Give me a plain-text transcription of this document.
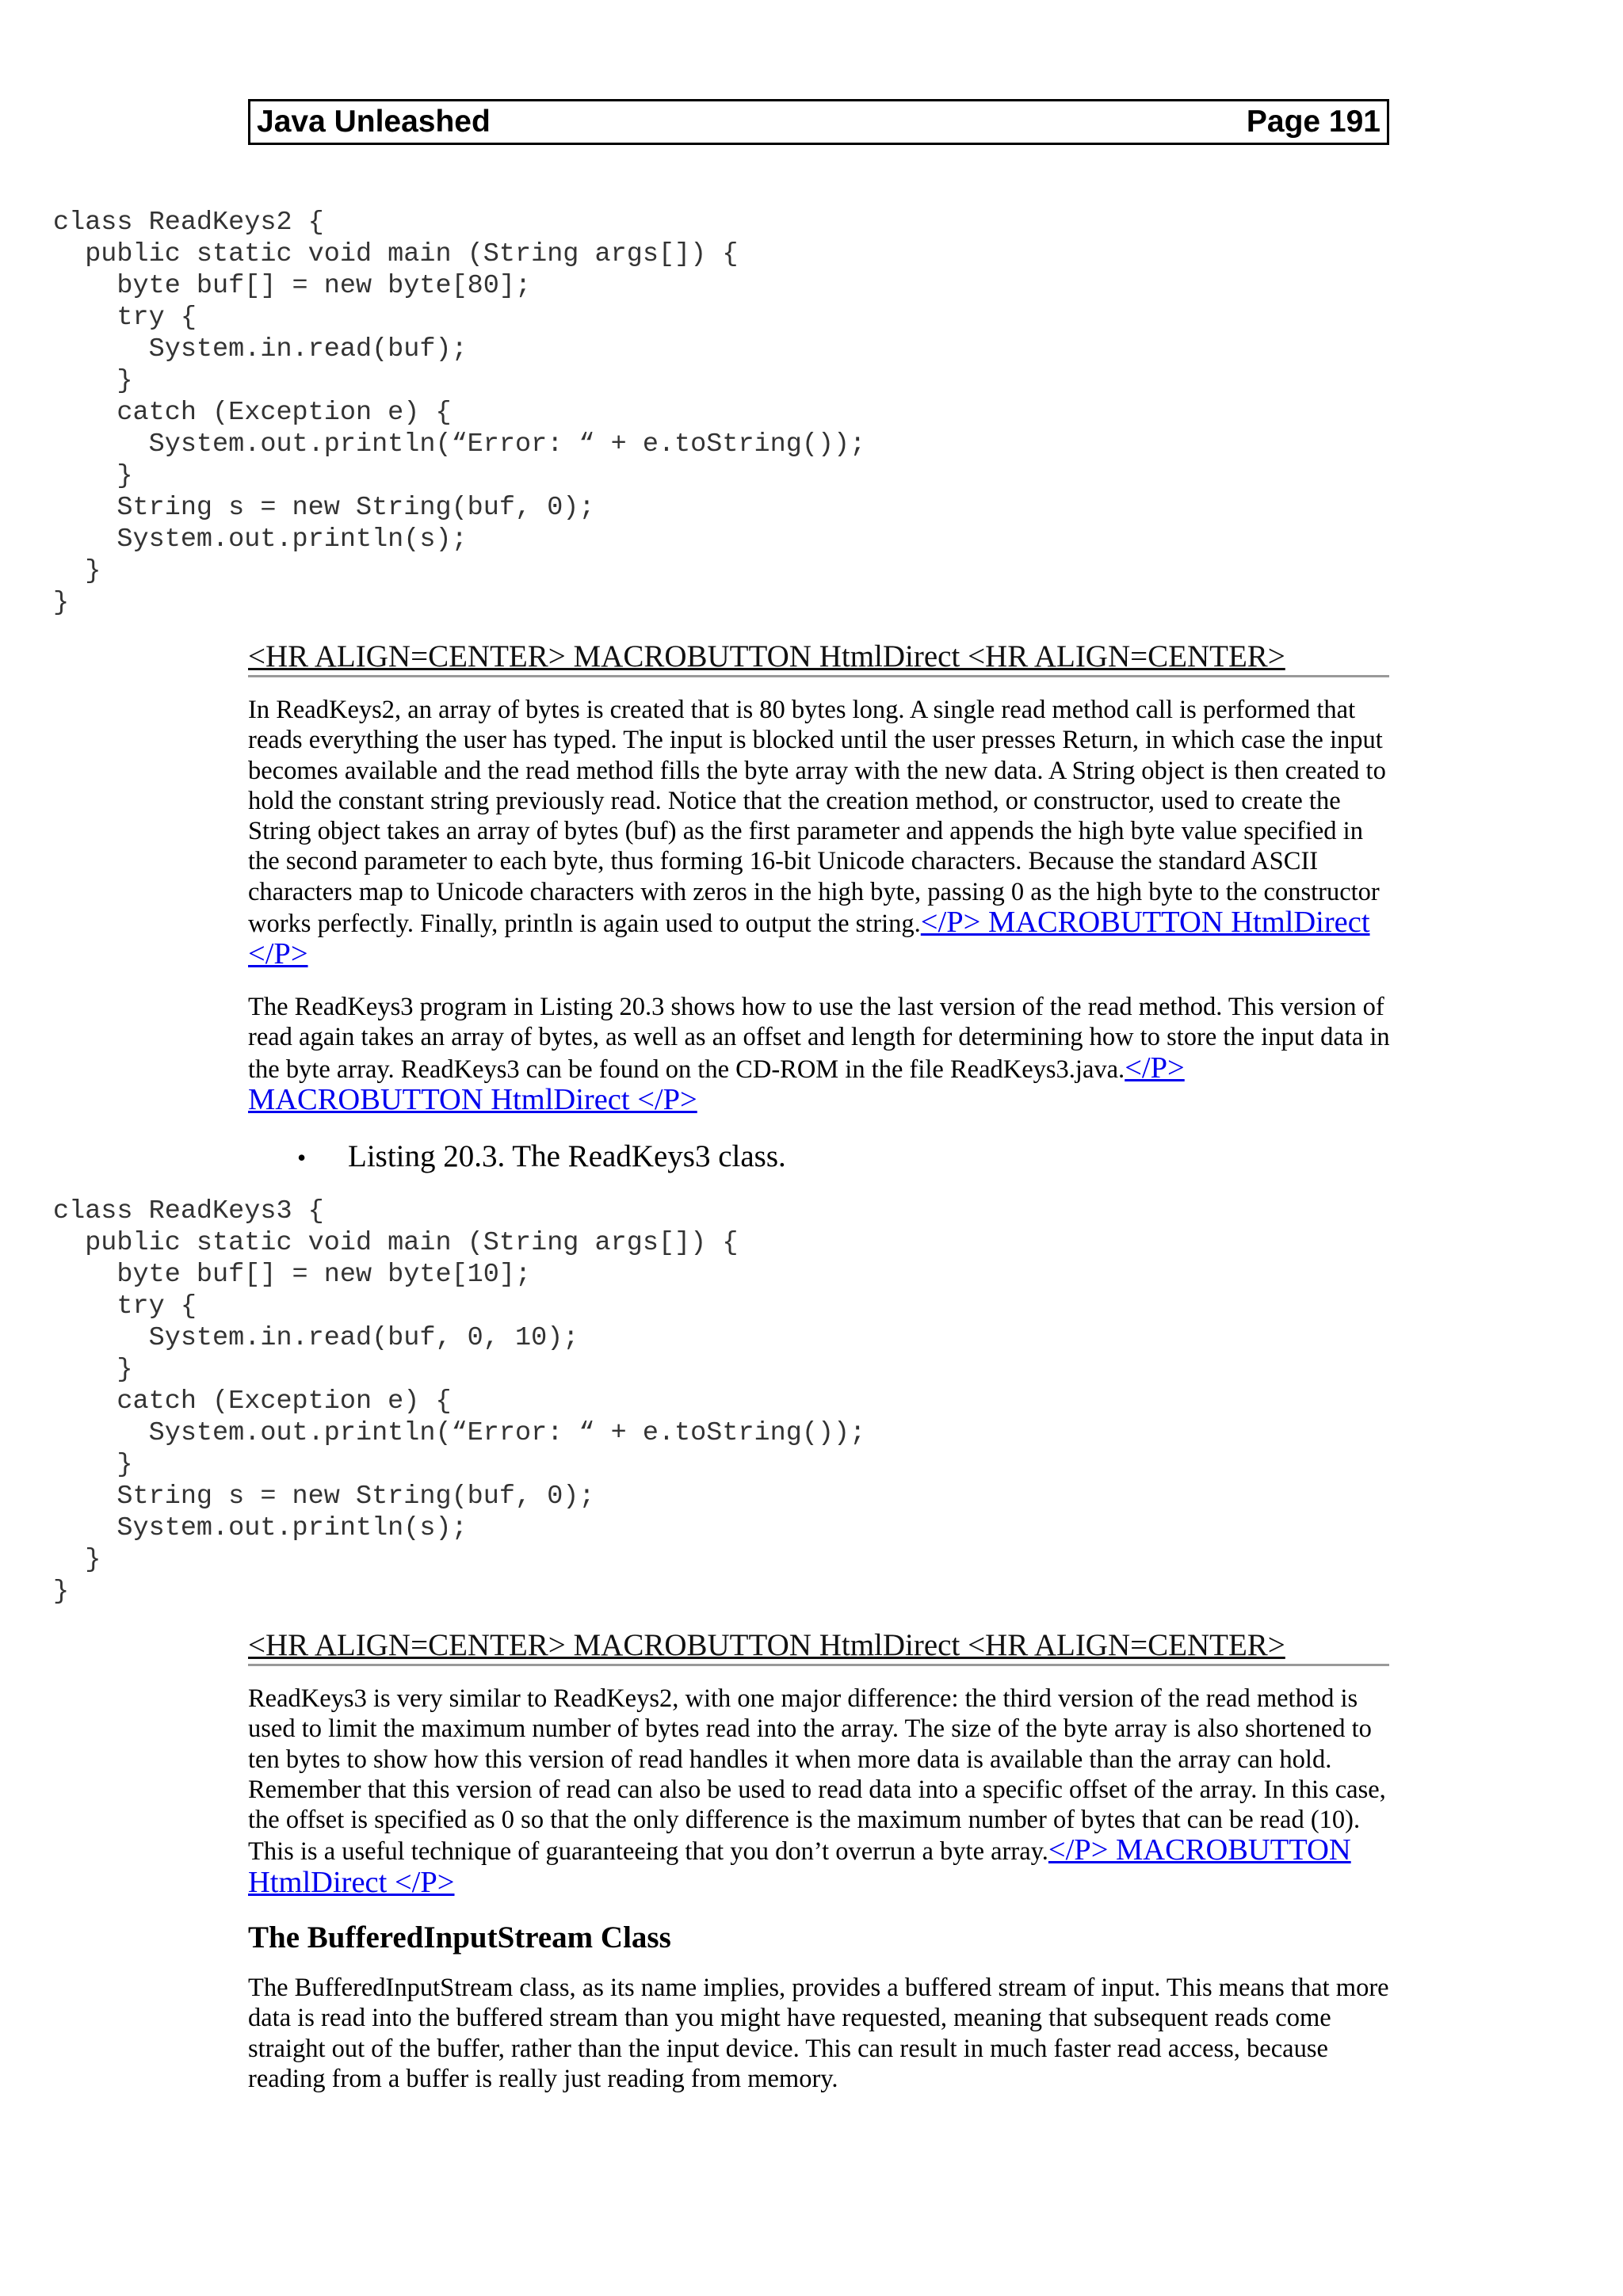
Java Unleashed	Page 191
class ReadKeys2 {
public static void main (String args[]) {
byte buf[] = new byte[80];
try {
System.in.read(buf);
}
catch (Exception e) {
System.out.println(“Error: “ + e.toString());
}
String s = new String(buf, 0);
System.out.println(s);
}
}
<HR ALIGN=CENTER> MACROBUTTON HtmlDirect <HR ALIGN=CENTER>

In ReadKeys2, an array of bytes is created that is 80 bytes long. A single read method call is performed that reads everything the user has typed. The input is blocked until the user presses Return, in which case the input becomes available and the read method fills the byte array with the new data. A String object is then created to hold the constant string previously read. Notice that the creation method, or constructor, used to create the String object takes an array of bytes (buf) as the first parameter and appends the high byte value specified in the second parameter to each byte, thus forming 16-bit Unicode characters. Because the standard ASCII characters map to Unicode characters with zeros in the high byte, passing 0 as the high byte to the constructor works perfectly. Finally, println is again used to output the string.</P> MACROBUTTON HtmlDirect </P>

The ReadKeys3 program in Listing 20.3 shows how to use the last version of the read method. This version of read again takes an array of bytes, as well as an offset and length for determining how to store the input data in the byte array. ReadKeys3 can be found on the CD-ROM in the file ReadKeys3.java.</P> MACROBUTTON HtmlDirect </P>

• Listing 20.3. The ReadKeys3 class.
class ReadKeys3 {
public static void main (String args[]) {
byte buf[] = new byte[10];
try {
System.in.read(buf, 0, 10);
}
catch (Exception e) {
System.out.println(“Error: “ + e.toString());
}
String s = new String(buf, 0);
System.out.println(s);
}
}
<HR ALIGN=CENTER> MACROBUTTON HtmlDirect <HR ALIGN=CENTER>

ReadKeys3 is very similar to ReadKeys2, with one major difference: the third version of the read method is used to limit the maximum number of bytes read into the array. The size of the byte array is also shortened to ten bytes to show how this version of read handles it when more data is available than the array can hold. Remember that this version of read can also be used to read data into a specific offset of the array. In this case, the offset is specified as 0 so that the only difference is the maximum number of bytes that can be read (10). This is a useful technique of guaranteeing that you don’t overrun a byte array.</P> MACROBUTTON HtmlDirect </P>

The BufferedInputStream Class

The BufferedInputStream class, as its name implies, provides a buffered stream of input. This means that more data is read into the buffered stream than you might have requested, meaning that subsequent reads come straight out of the buffer, rather than the input device. This can result in much faster read access, because reading from a buffer is really just reading from memory.
